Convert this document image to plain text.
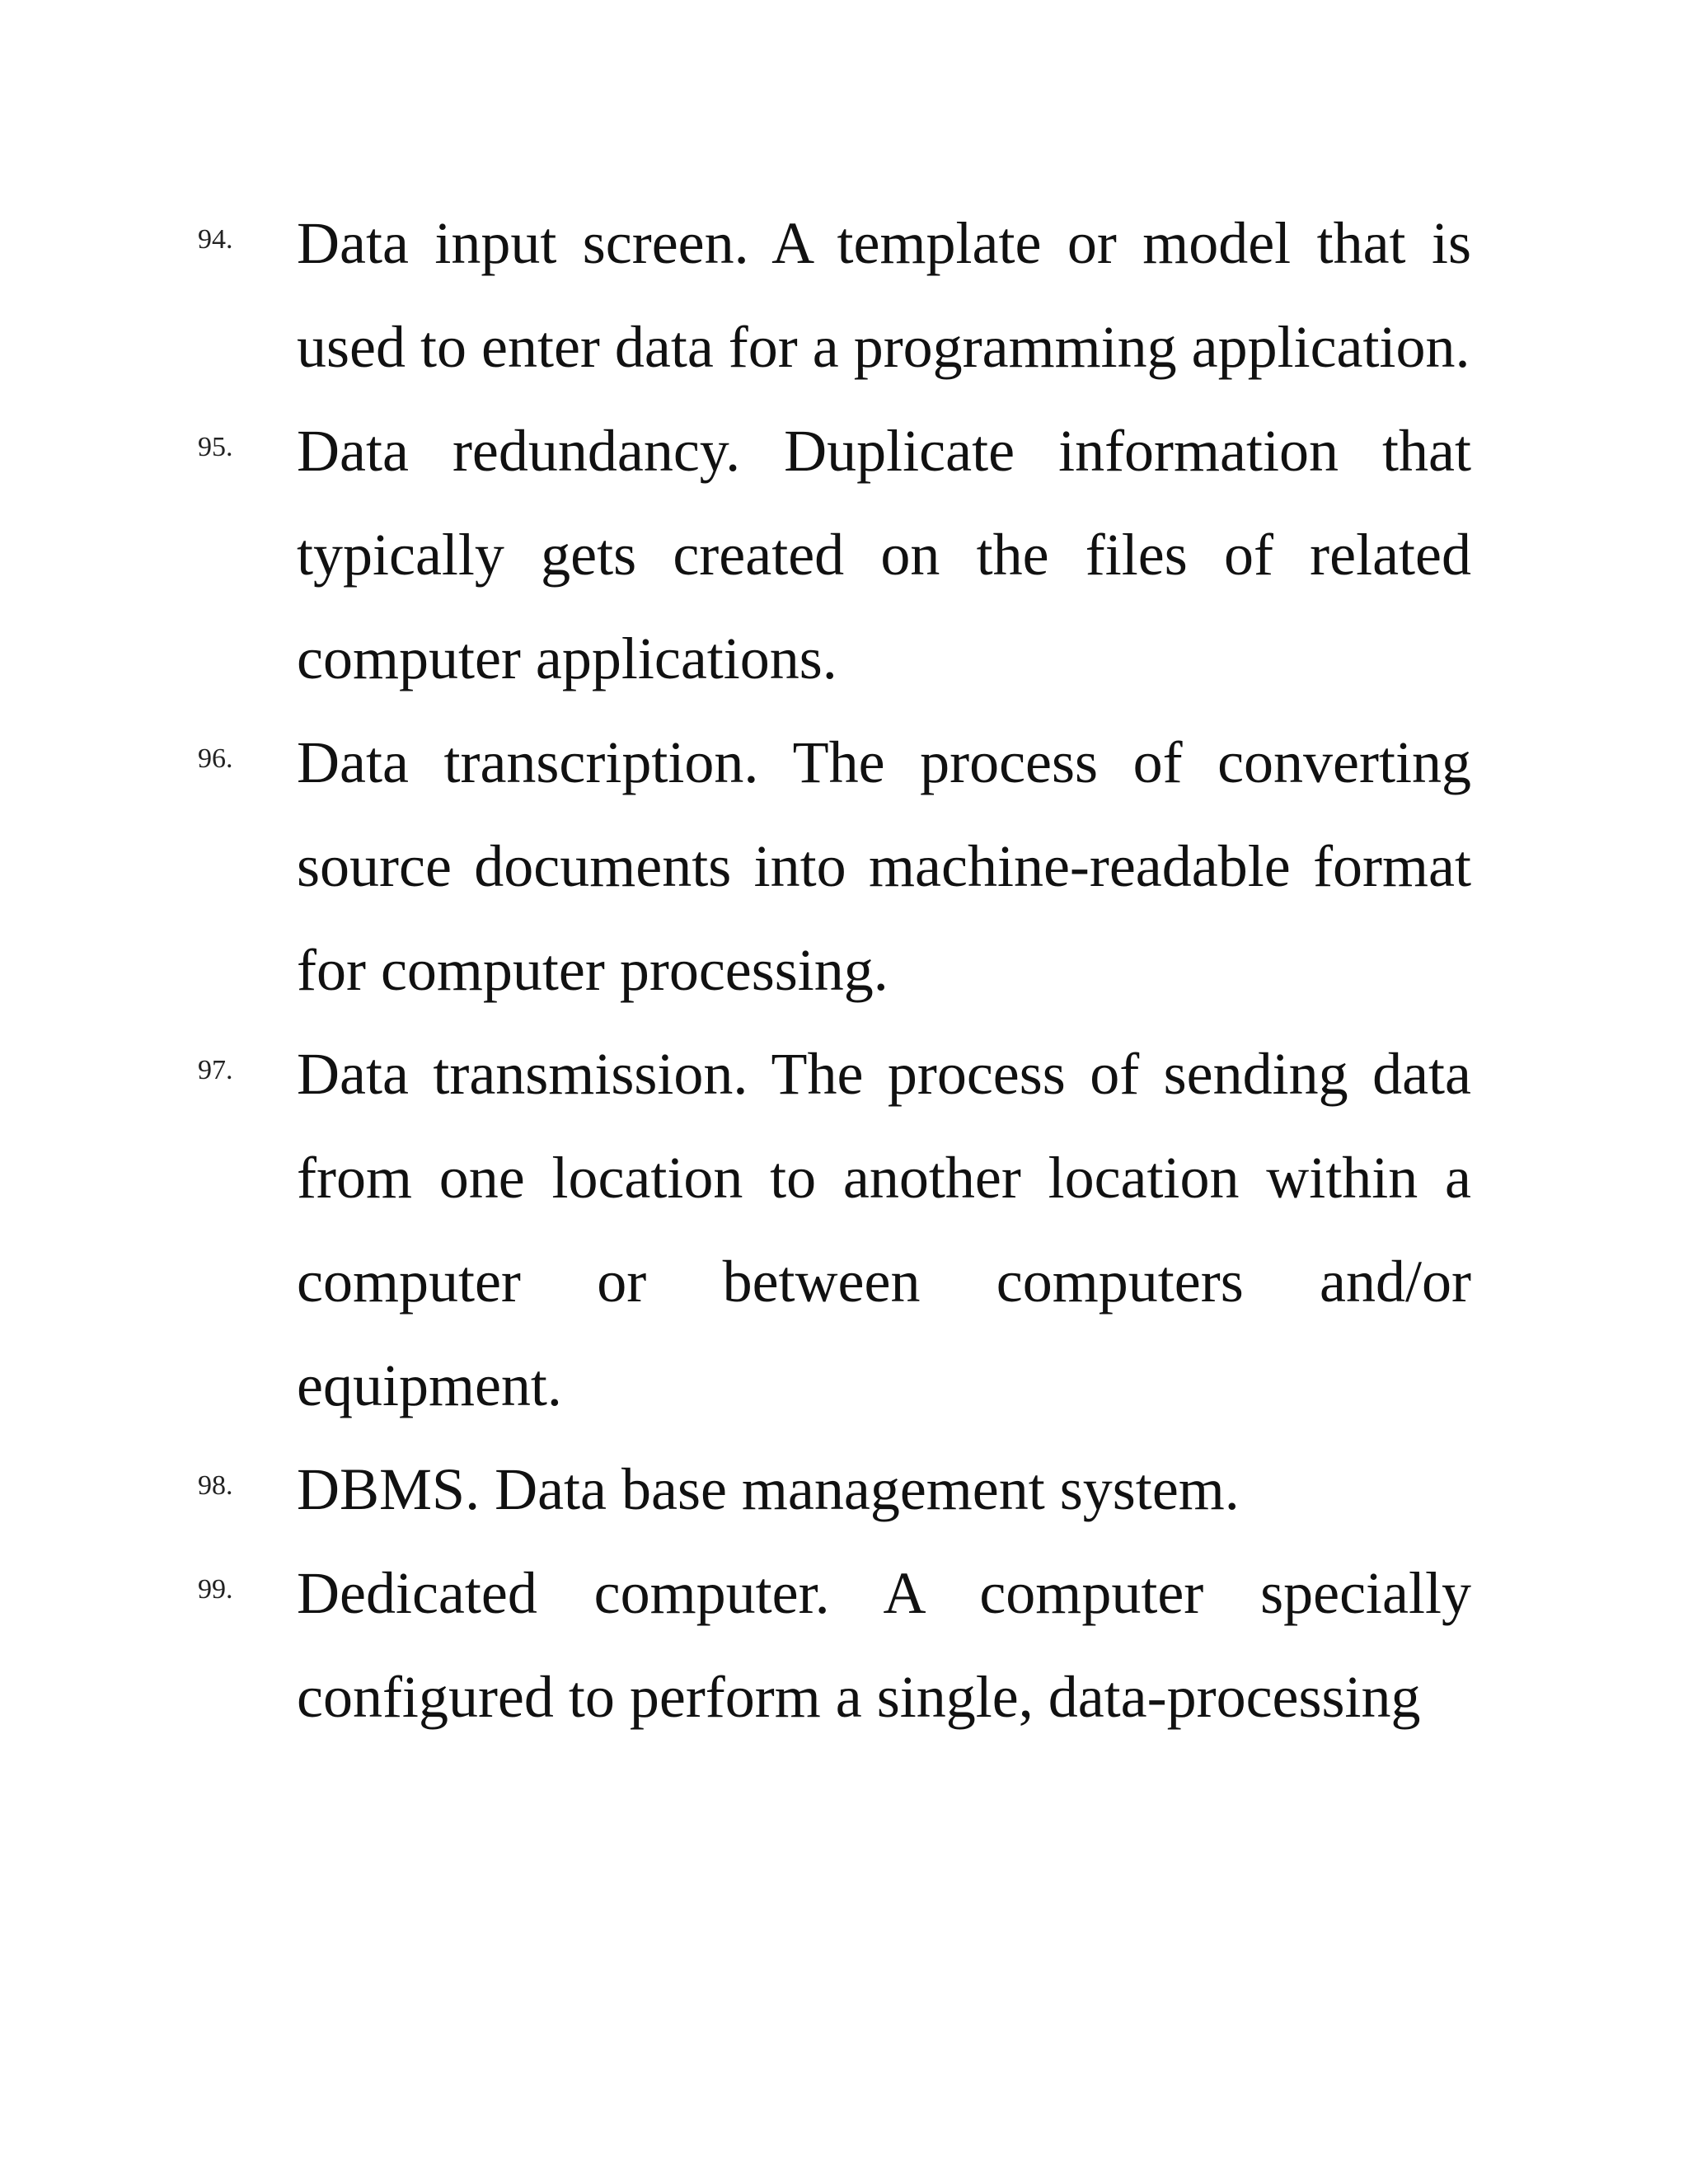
94. Data input screen. A template or model that is used to enter data for a programming application.
95. Data redundancy. Duplicate information that typically gets created on the files of related computer applications.
96. Data transcription. The process of converting source documents into machine-readable format for computer processing.
97. Data transmission. The process of sending data from one location to another location within a computer or between computers and/or equipment.
98. DBMS. Data base management system.
99. Dedicated computer. A computer specially configured to perform a single, data-processing
